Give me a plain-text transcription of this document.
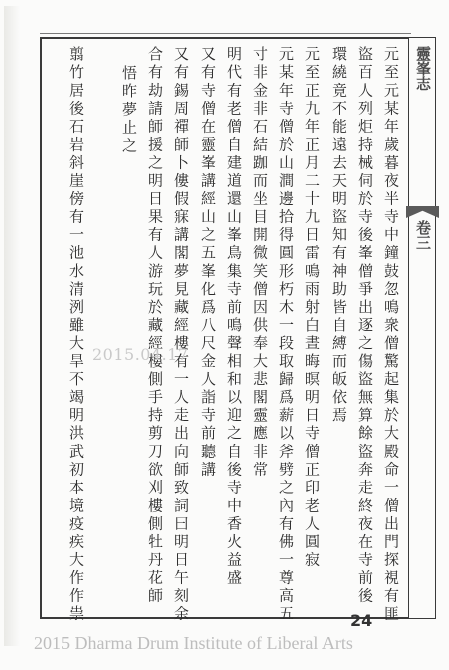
靈峯志
卷三
元至元某年歲暮夜半寺中鐘鼓忽鳴衆僧驚起集於大殿命一僧出門探視有匪
盜百人列炬持械伺於寺後峯僧爭出逐之傷盜無算餘盜奔走終夜在寺前後
環繞竟不能遠去天明盜知有神助皆自縛而皈依焉
元至正九年正月二十九日雷鳴雨射白晝晦暝明日寺僧正印老人圓寂
元某年寺僧於山澗邊拾得圓形朽木一段取歸爲薪以斧劈之內有佛一尊高五
寸非金非石結跏而坐目開微笑僧因供奉大悲閣靈應非常
明代有老僧自建道還山峯鳥集寺前鳴聲相和以迎之自後寺中香火益盛
又有寺僧在靈峯講經山之五峯化爲八尺金人詣寺前聽講
又有錫周禪師卜僂假寐講閣夢見藏經樓有一人走出向師致詞曰明日午刻余
合有劫請師援之明日果有人游玩於藏經樓側手持剪刀欲刈樓側牡丹花師
悟昨夢止之
翦竹居後石岩斜崖傍有一池水清洌雖大旱不竭明洪武初本境疫疾大作作祟 2015.04.17
24
2015 Dharma Drum Institute of Liberal Arts
